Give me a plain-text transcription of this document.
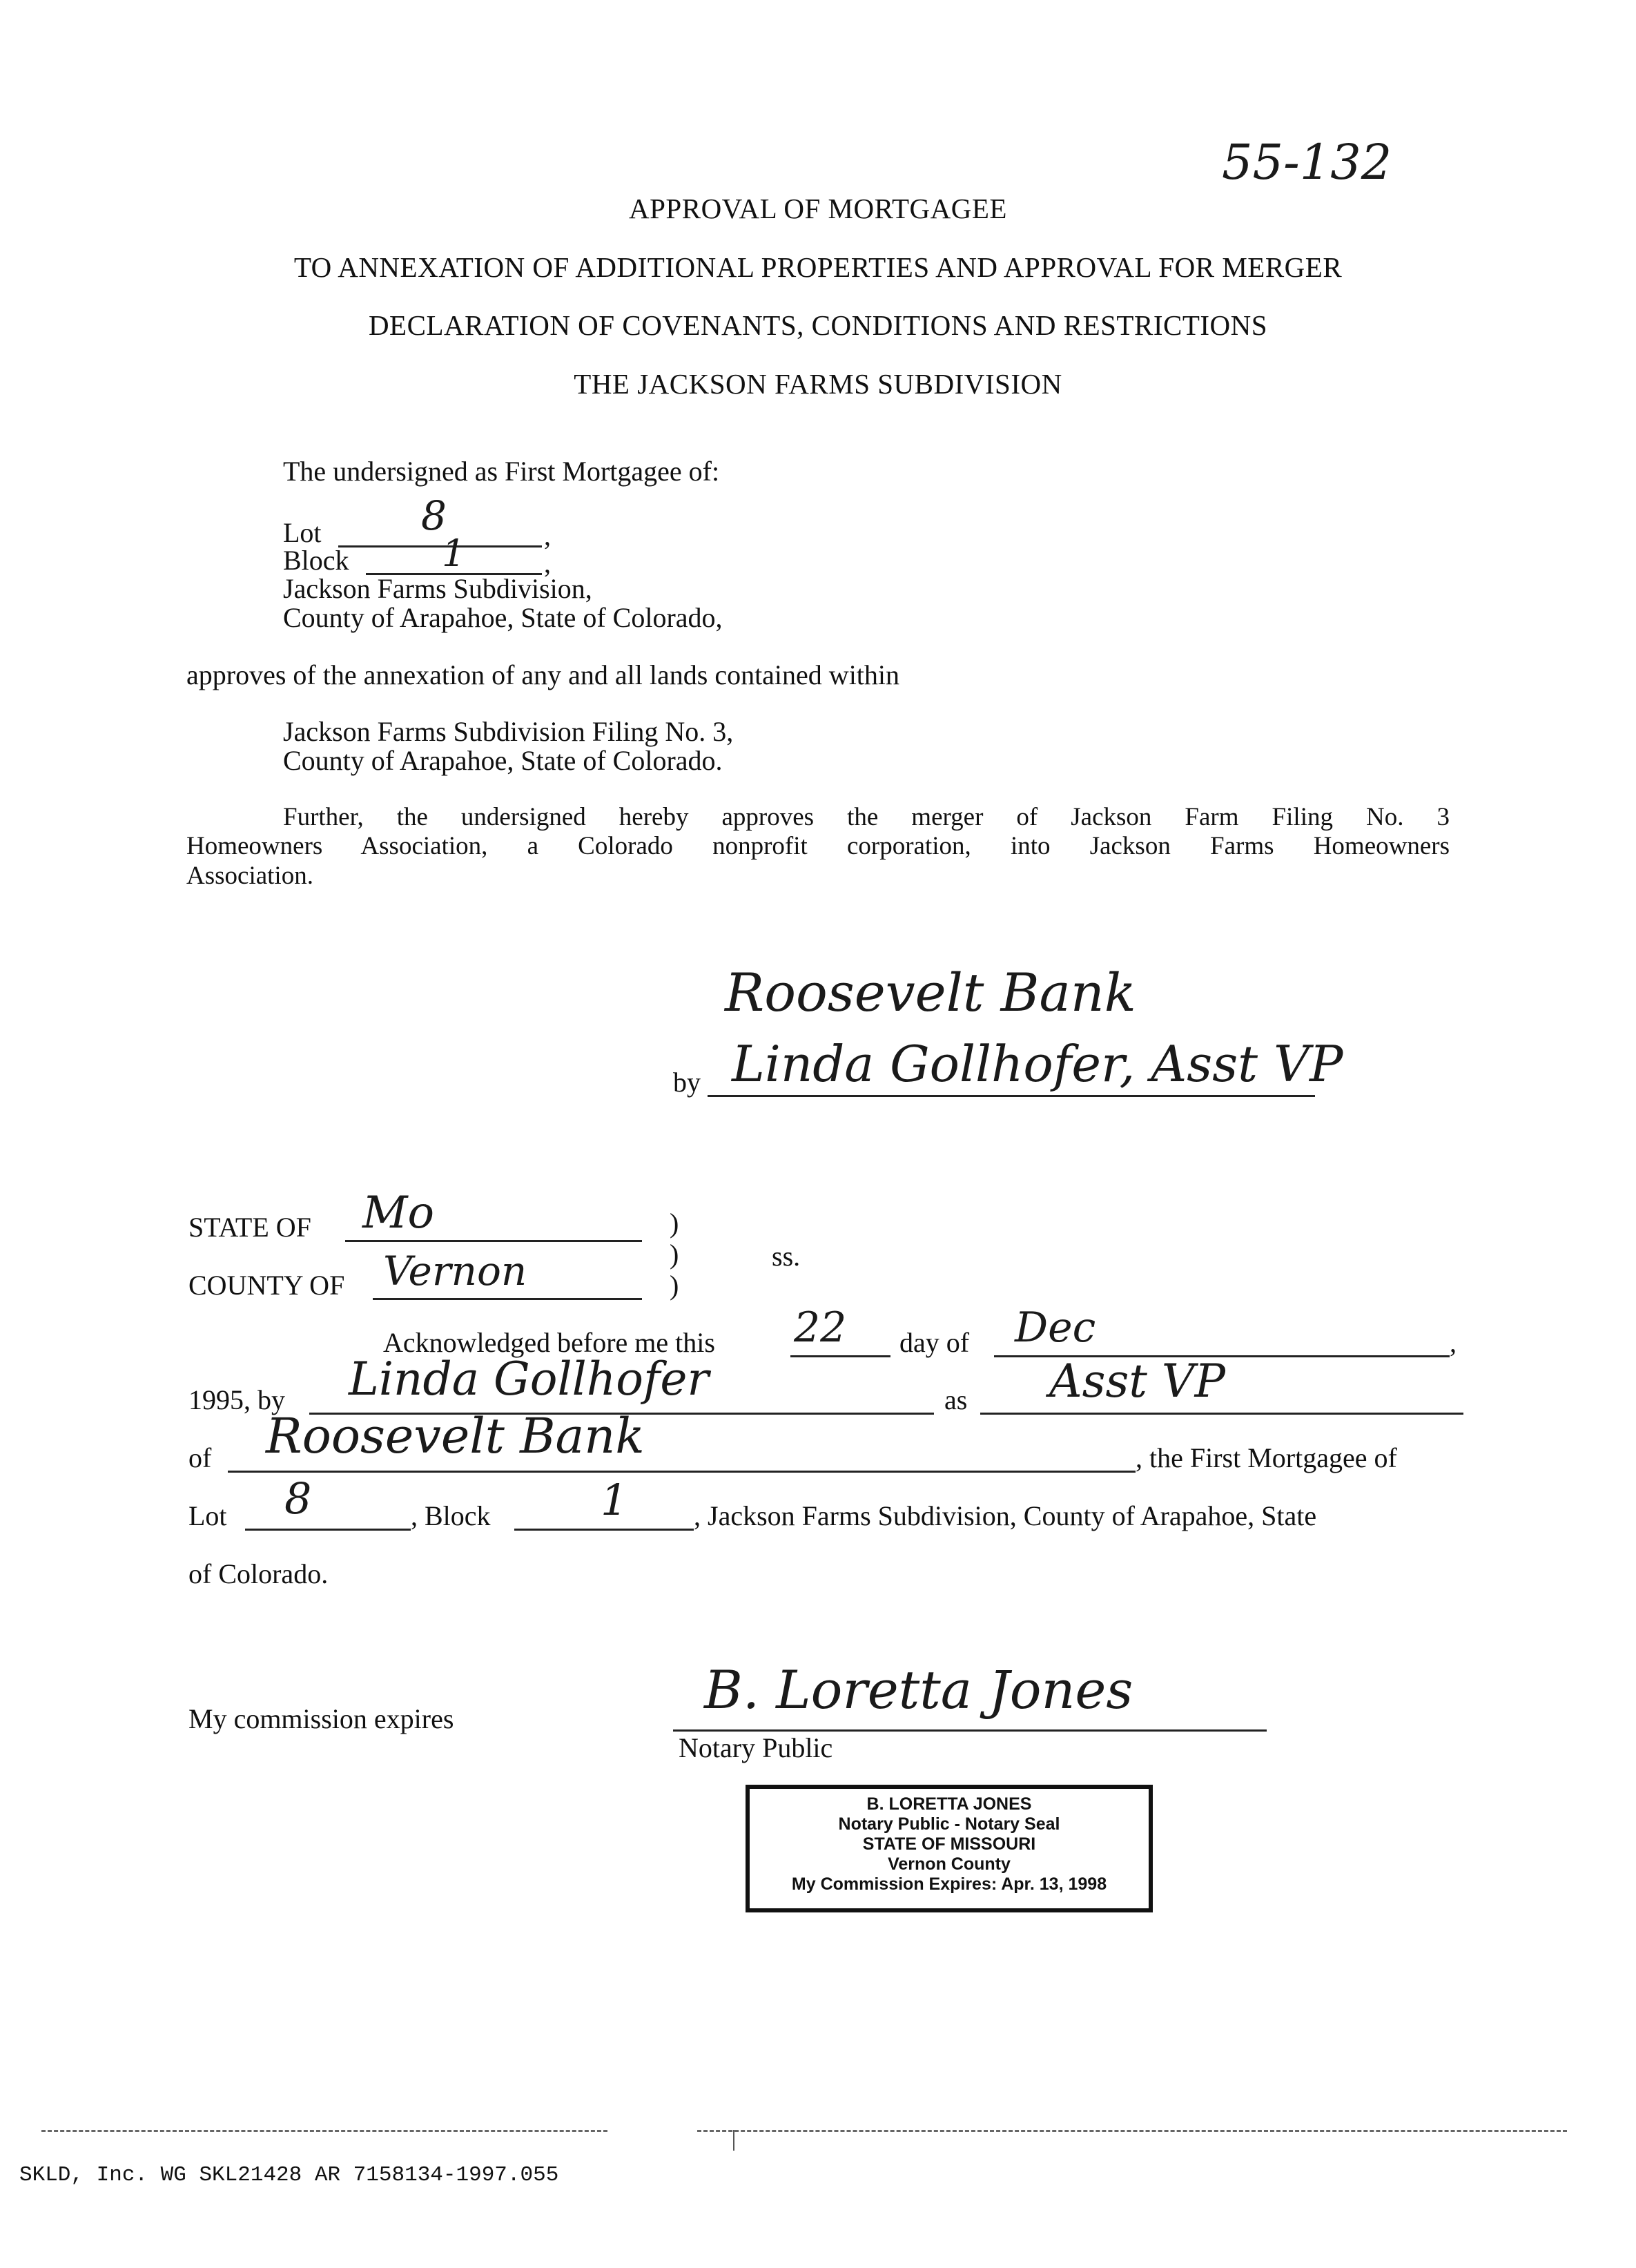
55-132
APPROVAL OF MORTGAGEE
TO ANNEXATION OF ADDITIONAL PROPERTIES AND APPROVAL FOR MERGER
DECLARATION OF COVENANTS, CONDITIONS AND RESTRICTIONS
THE JACKSON FARMS SUBDIVISION
The undersigned as First Mortgagee of:
Lot 8	,
Block 1	,
Jackson Farms Subdivision,
County of Arapahoe, State of Colorado,
approves of the annexation of any and all lands contained within
Jackson Farms Subdivision Filing No. 3,
County of Arapahoe, State of Colorado.
Further, the undersigned hereby approves the merger of Jackson Farm Filing No. 3
Homeowners Association, a Colorado nonprofit corporation, into Jackson Farms Homeowners
Association.
Roosevelt Bank
by Linda Gollhofer, Asst VP
STATE OF Mo
COUNTY OF Vernon
)
)
)
ss.
Acknowledged before me this 22 day of Dec	,
1995, by Linda Gollhofer	as Asst VP
of Roosevelt Bank	, the First Mortgagee of
Lot 8	, Block	1 , Jackson Farms Subdivision, County of Arapahoe, State
of Colorado.
My commission expires	B. Loretta Jones
Notary Public
B. LORETTA JONES
Notary Public - Notary Seal
STATE OF MISSOURI
Vernon County
My Commission Expires: Apr. 13, 1998
SKLD, Inc. WG SKL21428 AR 7158134-1997.055
